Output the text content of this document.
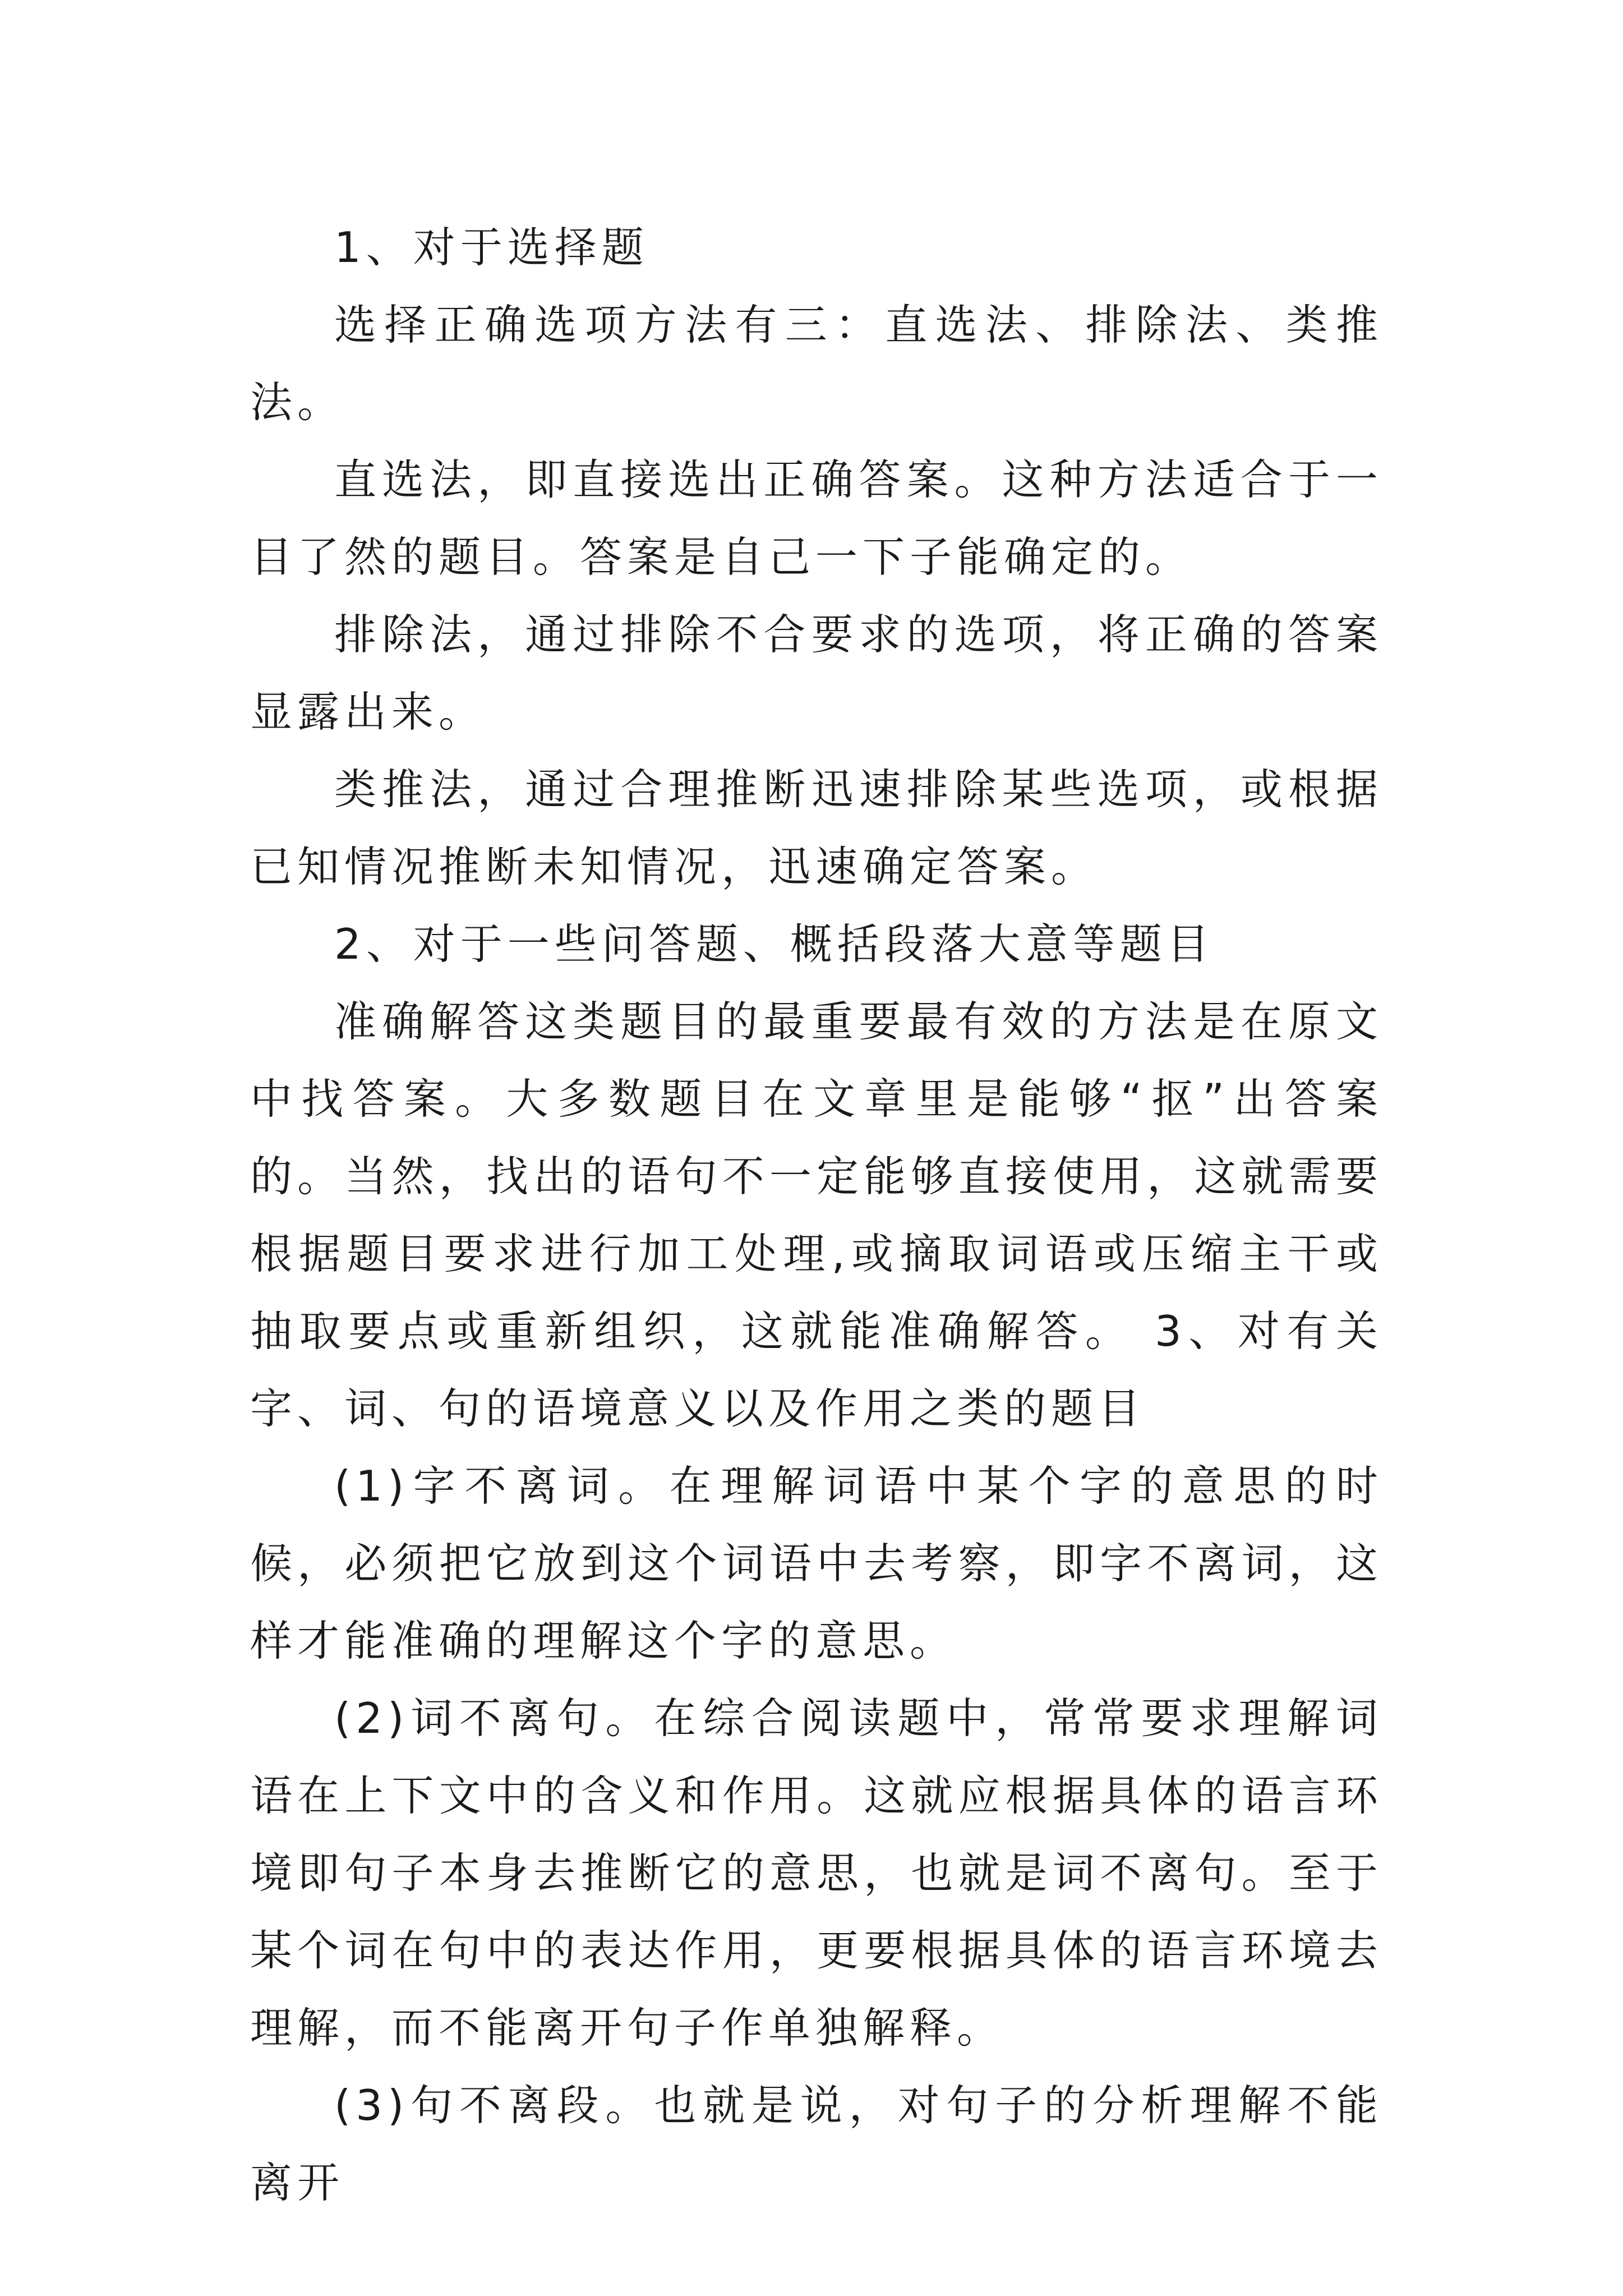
1、对于选择题

选择正确选项方法有三：直选法、排除法、类推法。

直选法，即直接选出正确答案。这种方法适合于一目了然的题目。答案是自己一下子能确定的。

排除法，通过排除不合要求的选项，将正确的答案显露出来。

类推法，通过合理推断迅速排除某些选项，或根据已知情况推断未知情况，迅速确定答案。

2、对于一些问答题、概括段落大意等题目

准确解答这类题目的最重要最有效的方法是在原文中找答案。大多数题目在文章里是能够“抠”出答案的。当然，找出的语句不一定能够直接使用，这就需要根据题目要求进行加工处理,或摘取词语或压缩主干或抽取要点或重新组织，这就能准确解答。 3、对有关字、词、句的语境意义以及作用之类的题目

(1)字不离词。在理解词语中某个字的意思的时候，必须把它放到这个词语中去考察，即字不离词，这样才能准确的理解这个字的意思。

(2)词不离句。在综合阅读题中，常常要求理解词语在上下文中的含义和作用。这就应根据具体的语言环境即句子本身去推断它的意思，也就是词不离句。至于某个词在句中的表达作用，更要根据具体的语言环境去理解，而不能离开句子作单独解释。

(3)句不离段。也就是说，对句子的分析理解不能离开
